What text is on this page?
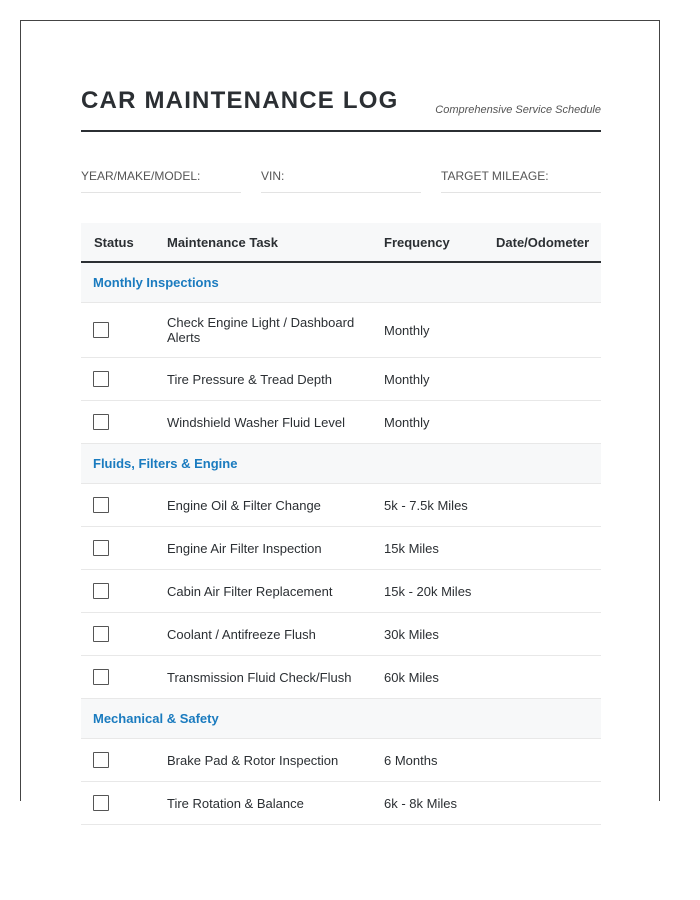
CAR MAINTENANCE LOG	Comprehensive Service Schedule
YEAR/MAKE/MODEL:	VIN:	TARGET MILEAGE:
Status	Maintenance Task	Frequency	Date/Odometer
Monthly Inspections			
	Check Engine Light / Dashboard Alerts	Monthly	
	Tire Pressure & Tread Depth	Monthly	
	Windshield Washer Fluid Level	Monthly	
Fluids, Filters & Engine			
	Engine Oil & Filter Change	5k - 7.5k Miles	
	Engine Air Filter Inspection	15k Miles	
	Cabin Air Filter Replacement	15k - 20k Miles	
	Coolant / Antifreeze Flush	30k Miles	
	Transmission Fluid Check/Flush	60k Miles	
Mechanical & Safety			
	Brake Pad & Rotor Inspection	6 Months	
	Tire Rotation & Balance	6k - 8k Miles	
